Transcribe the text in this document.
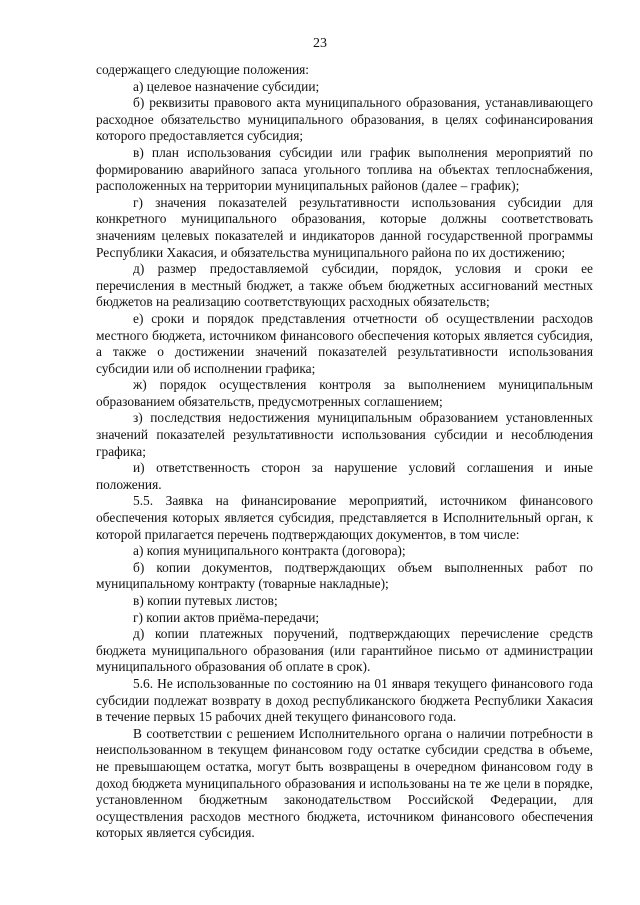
23

содержащего следующие положения:

а) целевое назначение субсидии;

б) реквизиты правового акта муниципального образования, устанавливающего расходное обязательство муниципального образования, в целях софинансирования которого предоставляется субсидия;

в) план использования субсидии или график выполнения мероприятий по формированию аварийного запаса угольного топлива на объектах теплоснабжения, расположенных на территории муниципальных районов (далее – график);

г) значения показателей результативности использования субсидии для конкретного муниципального образования, которые должны соответствовать значениям целевых показателей и индикаторов данной государственной программы Республики Хакасия, и обязательства муниципального района по их достижению;

д) размер предоставляемой субсидии, порядок, условия и сроки ее перечисления в местный бюджет, а также объем бюджетных ассигнований местных бюджетов на реализацию соответствующих расходных обязательств;

е) сроки и порядок представления отчетности об осуществлении расходов местного бюджета, источником финансового обеспечения которых является субсидия, а также о достижении значений показателей результативности использования субсидии или об исполнении графика;

ж) порядок осуществления контроля за выполнением муниципальным образованием обязательств, предусмотренных соглашением;

з) последствия недостижения муниципальным образованием установленных значений показателей результативности использования субсидии и несоблюдения графика;

и) ответственность сторон за нарушение условий соглашения и иные положения.

5.5. Заявка на финансирование мероприятий, источником финансового обеспечения которых является субсидия, представляется в Исполнительный орган, к которой прилагается перечень подтверждающих документов, в том числе:

а) копия муниципального контракта (договора);

б) копии документов, подтверждающих объем выполненных работ по муниципальному контракту (товарные накладные);

в) копии путевых листов;

г) копии актов приёма-передачи;

д) копии платежных поручений, подтверждающих перечисление средств бюджета муниципального образования (или гарантийное письмо от администрации муниципального образования об оплате в срок).

5.6. Не использованные по состоянию на 01 января текущего финансового года субсидии подлежат возврату в доход республиканского бюджета Республики Хакасия в течение первых 15 рабочих дней текущего финансового года.

В соответствии с решением Исполнительного органа о наличии потребности в неиспользованном в текущем финансовом году остатке субсидии средства в объеме, не превышающем остатка, могут быть возвращены в очередном финансовом году в доход бюджета муниципального образования и использованы на те же цели в порядке, установленном бюджетным законодательством Российской Федерации, для осуществления расходов местного бюджета, источником финансового обеспечения которых является субсидия.
